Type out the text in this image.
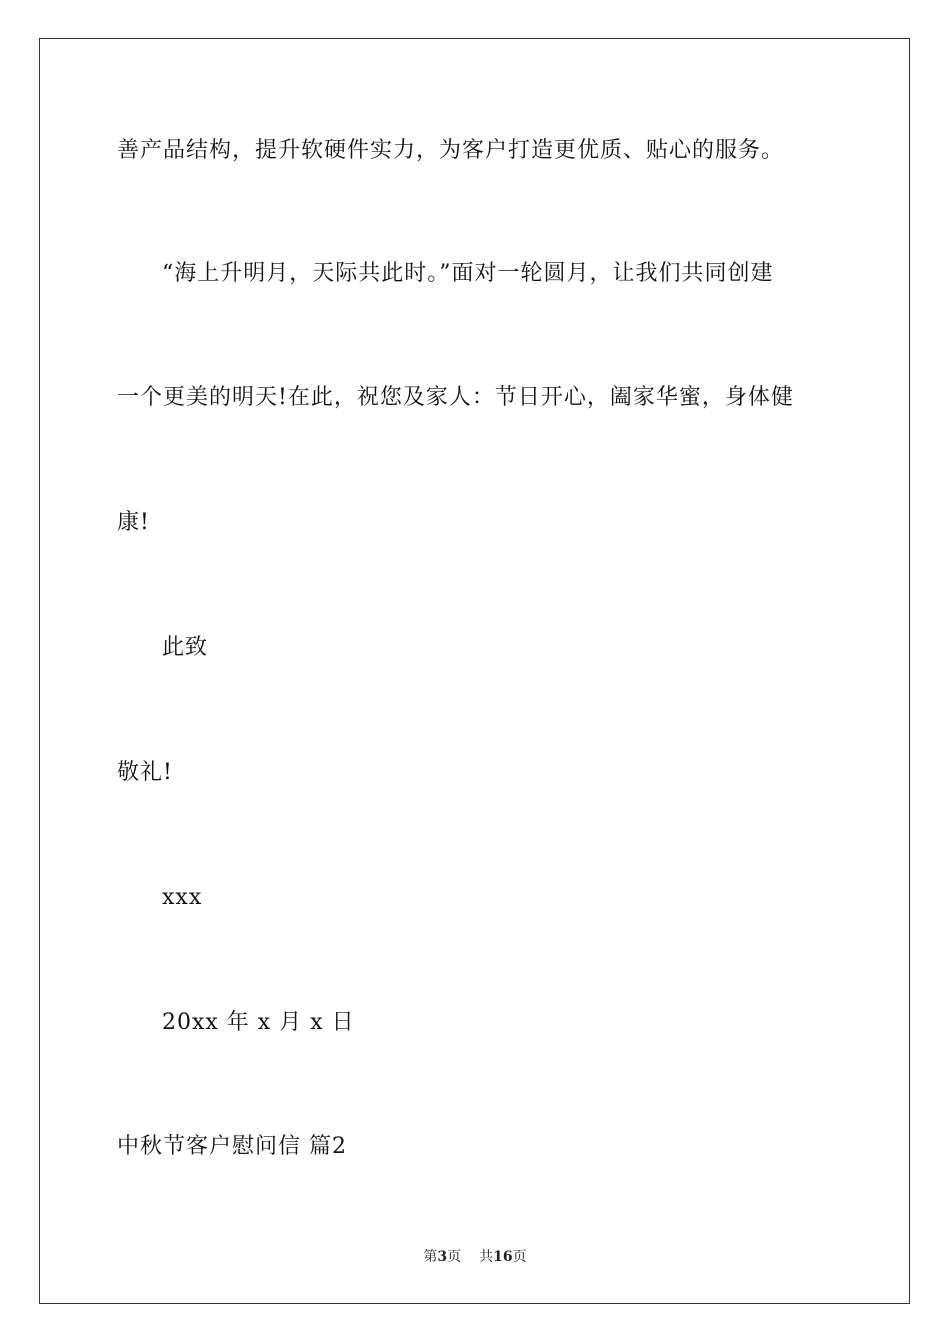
善产品结构，提升软硬件实力，为客户打造更优质、贴心的服务。
“海上升明月，天际共此时。”面对一轮圆月，让我们共同创建
一个更美的明天!在此，祝您及家人：节日开心，阖家华蜜，身体健
康!
此致
敬礼!
xxx
20xx 年 x 月 x 日
中秋节客户慰问信 篇2
第3页 共16页
